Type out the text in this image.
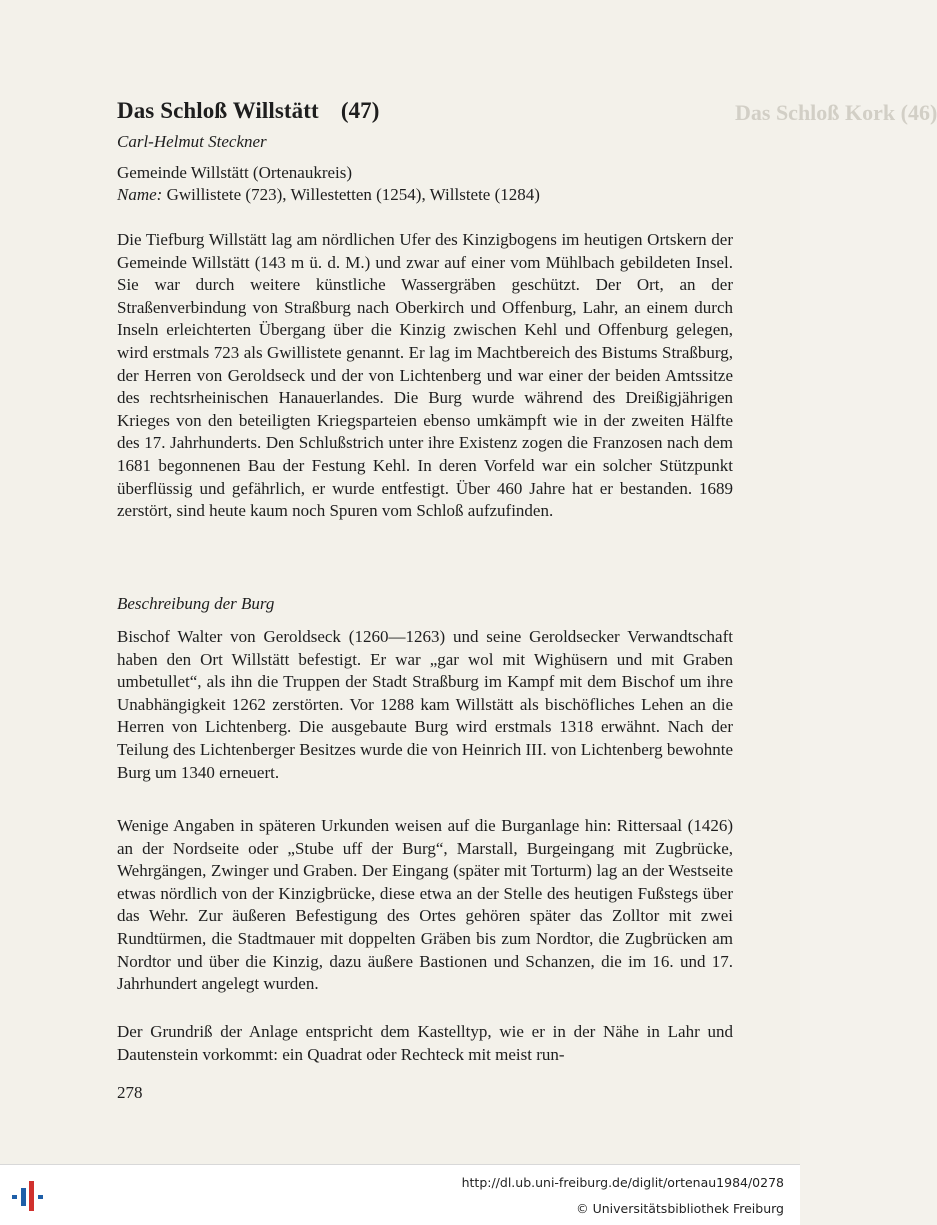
Das Schloß Kork (46)
Das Schloß Willstätt (47)
Carl-Helmut Steckner
Gemeinde Willstätt (Ortenaukreis)
Name: Gwillistete (723), Willestetten (1254), Willstete (1284)

Die Tiefburg Willstätt lag am nördlichen Ufer des Kinzigbogens im heutigen Ortskern der Gemeinde Willstätt (143 m ü. d. M.) und zwar auf einer vom Mühlbach gebildeten Insel. Sie war durch weitere künstliche Wassergräben geschützt. Der Ort, an der Straßenverbindung von Straßburg nach Oberkirch und Offenburg, Lahr, an einem durch Inseln erleichterten Übergang über die Kinzig zwischen Kehl und Offenburg gelegen, wird erstmals 723 als Gwillistete genannt. Er lag im Machtbereich des Bistums Straßburg, der Herren von Geroldseck und der von Lichtenberg und war einer der beiden Amtssitze des rechtsrheinischen Hanauerlandes. Die Burg wurde während des Dreißigjährigen Krieges von den beteiligten Kriegsparteien ebenso umkämpft wie in der zweiten Hälfte des 17. Jahrhunderts. Den Schlußstrich unter ihre Existenz zogen die Franzosen nach dem 1681 begonnenen Bau der Festung Kehl. In deren Vorfeld war ein solcher Stützpunkt überflüssig und gefährlich, er wurde entfestigt. Über 460 Jahre hat er bestanden. 1689 zerstört, sind heute kaum noch Spuren vom Schloß aufzufinden.

Beschreibung der Burg

Bischof Walter von Geroldseck (1260—1263) und seine Geroldsecker Verwandtschaft haben den Ort Willstätt befestigt. Er war „gar wol mit Wighüsern und mit Graben umbetullet“, als ihn die Truppen der Stadt Straßburg im Kampf mit dem Bischof um ihre Unabhängigkeit 1262 zerstörten. Vor 1288 kam Willstätt als bischöfliches Lehen an die Herren von Lichtenberg. Die ausgebaute Burg wird erstmals 1318 erwähnt. Nach der Teilung des Lichtenberger Besitzes wurde die von Heinrich III. von Lichtenberg bewohnte Burg um 1340 erneuert.

Wenige Angaben in späteren Urkunden weisen auf die Burganlage hin: Rittersaal (1426) an der Nordseite oder „Stube uff der Burg“, Marstall, Burgeingang mit Zugbrücke, Wehrgängen, Zwinger und Graben. Der Eingang (später mit Torturm) lag an der Westseite etwas nördlich von der Kinzigbrücke, diese etwa an der Stelle des heutigen Fußstegs über das Wehr. Zur äußeren Befestigung des Ortes gehören später das Zolltor mit zwei Rundtürmen, die Stadtmauer mit doppelten Gräben bis zum Nordtor, die Zugbrücken am Nordtor und über die Kinzig, dazu äußere Bastionen und Schanzen, die im 16. und 17. Jahrhundert angelegt wurden.

Der Grundriß der Anlage entspricht dem Kastelltyp, wie er in der Nähe in Lahr und Dautenstein vorkommt: ein Quadrat oder Rechteck mit meist run-

278
http://dl.ub.uni-freiburg.de/diglit/ortenau1984/0278
© Universitätsbibliothek Freiburg
